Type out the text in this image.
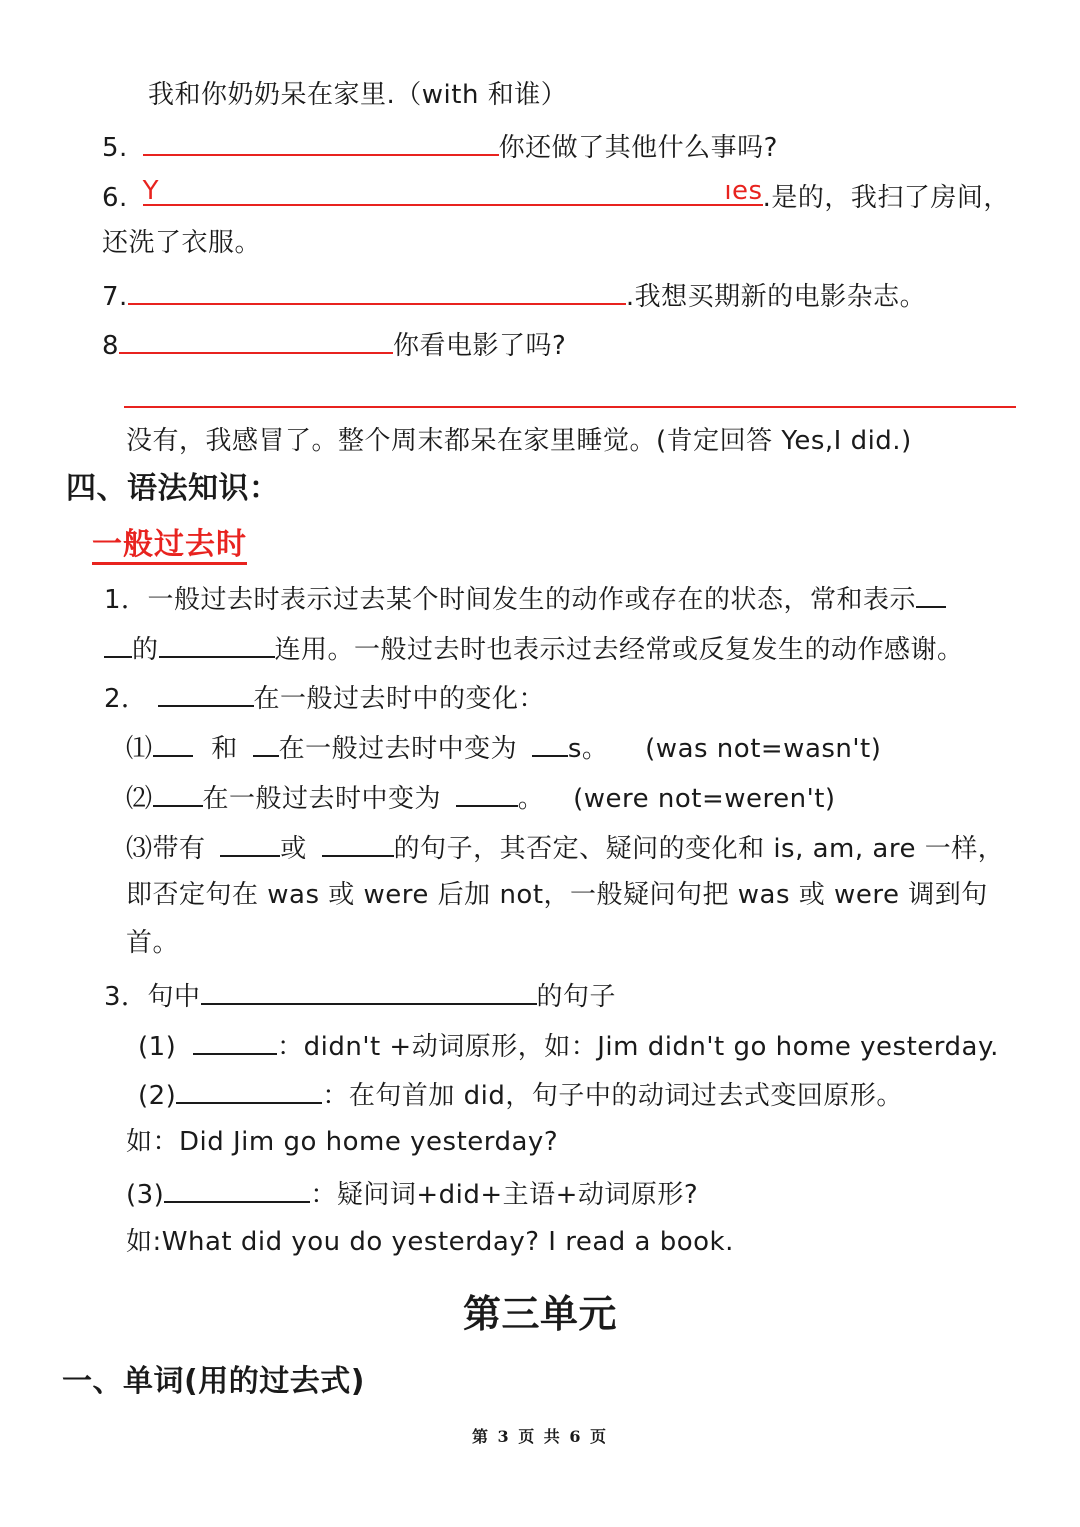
我和你奶奶呆在家里.（with 和谁）
5.	你还做了其他什么事吗?
6. Y	ıes .是的，我扫了房间，
还洗了衣服。
7.	.我想买期新的电影杂志。
8	你看电影了吗?
没有，我感冒了。整个周末都呆在家里睡觉。(肯定回答 Yes,I did.)
四、语法知识：
一般过去时
1．一般过去时表示过去某个时间发生的动作或存在的状态，常和表示
的	连用。一般过去时也表示过去经常或反复发生的动作感谢。
2．	在一般过去时中的变化：
⑴ 和 在一般过去时中变为 s。 (was not=wasn't)
⑵ 在一般过去时中变为	。 (were not=weren't)
⑶带有	或	的句子，其否定、疑问的变化和 is, am, are 一样，
即否定句在 was 或 were 后加 not，一般疑问句把 was 或 were 调到句
首。
3．句中	的句子
(1)	：didn't +动词原形，如：Jim didn't go home yesterday.
(2)	：在句首加 did，句子中的动词过去式变回原形。
如：Did Jim go home yesterday?
(3)	：疑问词+did+主语+动词原形?
如:What did you do yesterday? I read a book.
第三单元
一、单词(用的过去式)
第 3 页 共 6 页
